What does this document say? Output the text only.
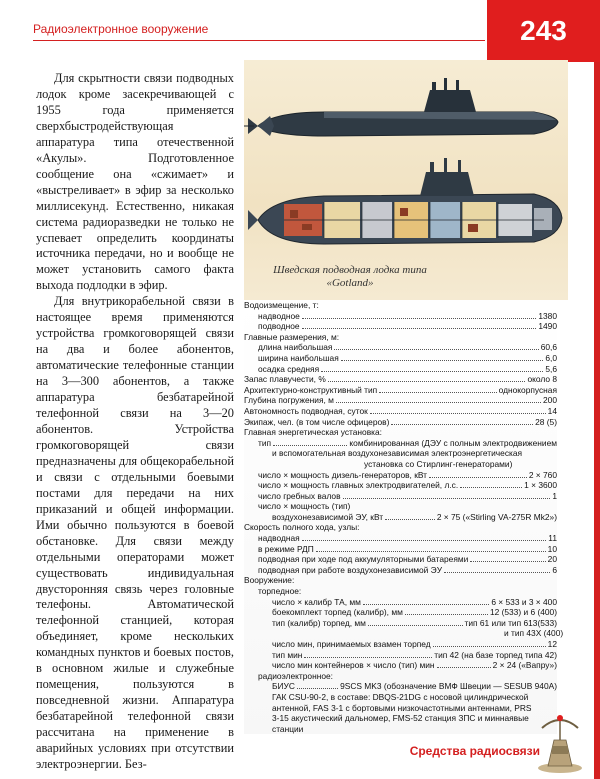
Радиоэлектронное вооружение	243

Для скрытности связи подводных лодок кроме засекречивающей с 1955 года применяется сверхбыстродействующая аппаратура типа отечественной «Акулы». Подготовленное сообщение она «сжимает» и «выстреливает» в эфир за несколько миллисекунд. Естественно, никакая система радиоразведки не только не успевает определить координаты источника передачи, но и вообще не может установить самого факта выхода подлодки в эфир.

Для внутрикорабельной связи в настоящее время применяются устройства громкоговорящей связи на два и более абонентов, автоматические телефонные станции на 3—300 абонентов, а также аппаратура безбатарейной телефонной связи на 3—20 абонентов. Устройства громкоговорящей связи предназначены для общекорабельной и связи с отдельными боевыми постами для передачи на них приказаний и общей информации. Ими обычно пользуются в боевой обстановке. Для связи между отдельными операторами может существовать индивидуальная двусторонняя связь через головные телефоны. Автоматической телефонной станцией, которая объединяет, кроме нескольких командных пунктов и боевых постов, в основном жилые и служебные помещения, пользуются в повседневной жизни. Аппаратура безбатарейной телефонной связи рассчитана на применение в аварийных условиях при отсутствии электроэнергии. Без-

Шведская подводная лодка типа
«Gotland»
Водоизмещение, т:
надводное	1380
подводное	1490
Главные размерения, м:
длина наибольшая	60,6
ширина наибольшая	6,0
осадка средняя	5,6
Запас плавучести, %	около 8
Архитектурно-конструктивный тип	однокорпусная
Глубина погружения, м	200
Автономность подводная, суток	14
Экипаж, чел. (в том числе офицеров)	28 (5)
Главная энергетическая установка:
тип	комбинированная (ДЭУ с полным электродвижением
и вспомогательная воздухонезависимая электроэнергетическая
установка со Стирлинг-генераторами)
число × мощность дизель-генераторов, кВт	2 × 760
число × мощность главных электродвигателей, л.с.	1 × 3600
число гребных валов	1
число × мощность (тип)
воздухонезависимой ЭУ, кВт	2 × 75 («Stirling VA-275R Mk2»)
Скорость полного хода, узлы:
надводная	11
в режиме РДП	10
подводная при ходе под аккумуляторными батареями	20
подводная при работе воздухонезависимой ЭУ	6
Вооружение:
торпедное:
число × калибр ТА, мм	6 × 533 и 3 × 400
боекомплект торпед (калибр), мм	12 (533) и 6 (400)
тип (калибр) торпед, мм	тип 61 или тип 613(533)
и тип 43Х (400)
число мин, принимаемых взамен торпед	12
тип мин	тип 42 (на базе торпед типа 42)
число мин контейнеров × число (тип) мин	2 × 24 («Вапру»)
радиоэлектронное:
БИУС	9SCS MK3 (обозначение ВМФ Швеции — SESUB 940A)
ГАК CSU-90-2, в составе: DBQS-21DG с носовой цилиндрической
антенной, FAS 3-1 с бортовыми низкочастотными антеннами, PRS
3-15 акустический дальномер, FMS-52 станция ЗПС и миннаявые
станции
Средства радиосвязи
